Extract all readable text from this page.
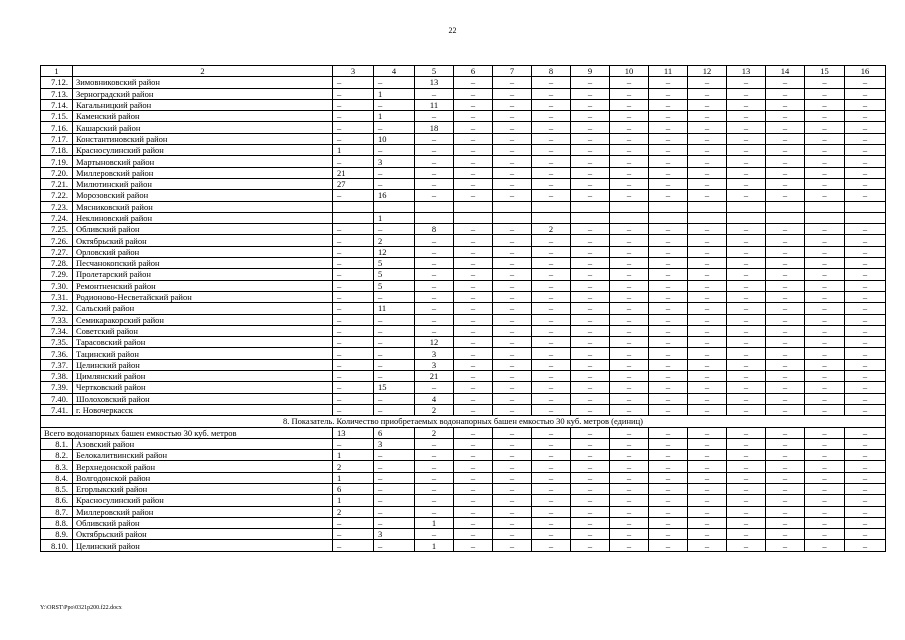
22
1	2	3	4	5	6	7	8	9	10	11	12	13	14	15	16
7.12.	Зимовниковский район	–	–	13	–	–	–	–	–	–	–	–	–	–	–
7.13.	Зерноградский район	–	1	–	–	–	–	–	–	–	–	–	–	–	–
7.14.	Кагальницкий район	–	–	11	–	–	–	–	–	–	–	–	–	–	–
7.15.	Каменский район	–	1	–	–	–	–	–	–	–	–	–	–	–	–
7.16.	Кашарский район	–	–	18	–	–	–	–	–	–	–	–	–	–	–
7.17.	Константиновский район	–	10	–	–	–	–	–	–	–	–	–	–	–	–
7.18.	Красносулинский район	1	–	–	–	–	–	–	–	–	–	–	–	–	–
7.19.	Мартыновский район	–	3	–	–	–	–	–	–	–	–	–	–	–	–
7.20.	Миллеровский район	21	–	–	–	–	–	–	–	–	–	–	–	–	–
7.21.	Милютинский район	27	–	–	–	–	–	–	–	–	–	–	–	–	–
7.22.	Морозовский район	–	16	–	–	–	–	–	–	–	–	–	–	–	–
7.23.	Мясниковский район														
7.24.	Неклиновский район		1												
7.25.	Обливский район	–	–	8	–	–	2	–	–	–	–	–	–	–	–
7.26.	Октябрьский район	–	2	–	–	–	–	–	–	–	–	–	–	–	–
7.27.	Орловский район	–	12	–	–	–	–	–	–	–	–	–	–	–	–
7.28.	Песчанокопский район	–	5	–	–	–	–	–	–	–	–	–	–	–	–
7.29.	Пролетарский район	–	5	–	–	–	–	–	–	–	–	–	–	–	–
7.30.	Ремонтненский район	–	5	–	–	–	–	–	–	–	–	–	–	–	–
7.31.	Родионово-Несветайский район	–	–	–	–	–	–	–	–	–	–	–	–	–	–
7.32.	Сальский район	–	11	–	–	–	–	–	–	–	–	–	–	–	–
7.33.	Семикаракорский район	–	–	–	–	–	–	–	–	–	–	–	–	–	–
7.34.	Советский район	–	–	–	–	–	–	–	–	–	–	–	–	–	–
7.35.	Тарасовский район	–	–	12	–	–	–	–	–	–	–	–	–	–	–
7.36.	Тацинский район	–	–	3	–	–	–	–	–	–	–	–	–	–	–
7.37.	Целинский район	–	–	3	–	–	–	–	–	–	–	–	–	–	–
7.38.	Цимлянский район	–	–	21	–	–	–	–	–	–	–	–	–	–	–
7.39.	Чертковский район	–	15	–	–	–	–	–	–	–	–	–	–	–	–
7.40.	Шолоховский район	–	–	4	–	–	–	–	–	–	–	–	–	–	–
7.41.	г. Новочеркасск	–	–	2	–	–	–	–	–	–	–	–	–	–	–
8. Показатель. Количество приобретаемых водонапорных башен емкостью 30 куб. метров (единиц)															
Всего водонапорных башен емкостью 30 куб. метров		13	6	2	–	–	–	–	–	–	–	–	–	–	–
8.1.	Азовский район	–	3	–	–	–	–	–	–	–	–	–	–	–	–
8.2.	Белокалитвинский район	1	–	–	–	–	–	–	–	–	–	–	–	–	–
8.3.	Верхнедонской район	2	–	–	–	–	–	–	–	–	–	–	–	–	–
8.4.	Волгодонской район	1	–	–	–	–	–	–	–	–	–	–	–	–	–
8.5.	Егорлыкский район	6	–	–	–	–	–	–	–	–	–	–	–	–	–
8.6.	Красносулинский район	1	–	–	–	–	–	–	–	–	–	–	–	–	–
8.7.	Миллеровский район	2	–	–	–	–	–	–	–	–	–	–	–	–	–
8.8.	Обливский район	–	–	1	–	–	–	–	–	–	–	–	–	–	–
8.9.	Октябрьский район	–	3	–	–	–	–	–	–	–	–	–	–	–	–
8.10.	Целинский район	–	–	1	–	–	–	–	–	–	–	–	–	–	–
Y:\ORST\Ppo\0321p200.f22.docx
